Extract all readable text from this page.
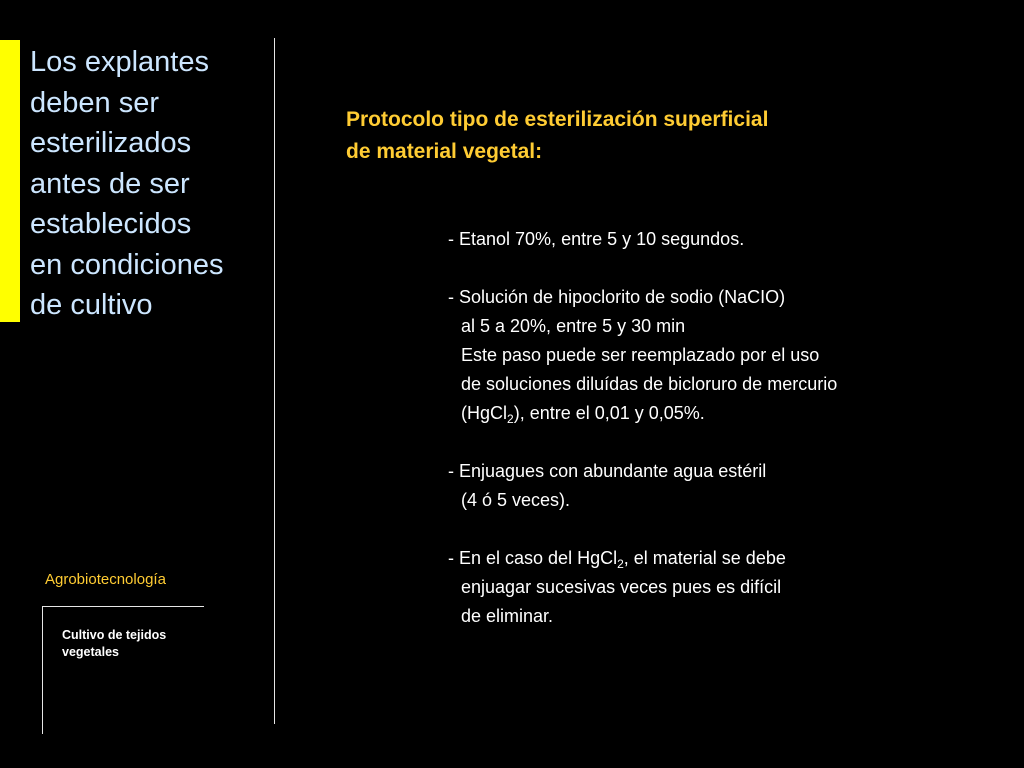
Los explantes
deben ser
esterilizados
antes de ser
establecidos
en condiciones
de cultivo
Agrobiotecnología
Cultivo de tejidos
vegetales
Protocolo tipo de esterilización superficial
de material vegetal:
- Etanol 70%, entre 5 y 10 segundos.
- Solución de hipoclorito de sodio (NaCIO)
al 5 a 20%, entre 5 y 30 min
Este paso puede ser reemplazado por el uso
de soluciones diluídas de bicloruro de mercurio
(HgCl$_2$), entre el 0,01 y 0,05%.
- Enjuagues con abundante agua estéril
(4 ó 5 veces).
- En el caso del HgCl$_2$, el material se debe
enjuagar sucesivas veces pues es difícil
de eliminar.
